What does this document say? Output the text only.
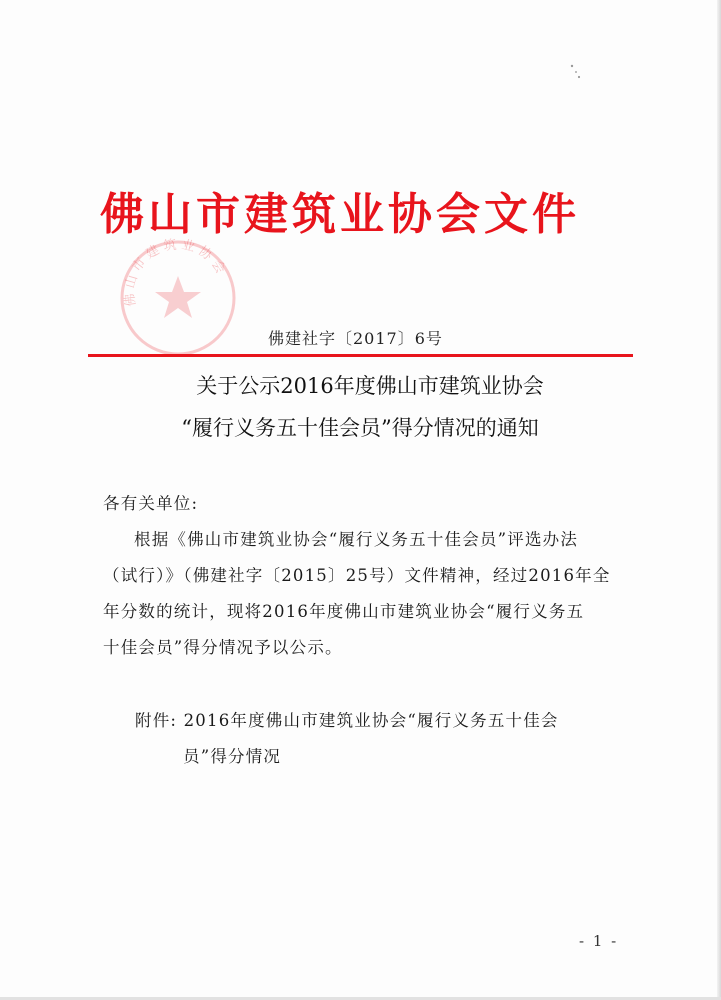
佛山市建筑业协会文件
佛山市建筑业协会
佛建社字〔2017〕6号
关于公示2016年度佛山市建筑业协会
“履行义务五十佳会员”得分情况的通知
各有关单位:
根据《佛山市建筑业协会“履行义务五十佳会员”评选办法
（试行）》（佛建社字〔2015〕25号）文件精神，经过2016年全
年分数的统计，现将2016年度佛山市建筑业协会“履行义务五
十佳会员”得分情况予以公示。
附件: 2016年度佛山市建筑业协会“履行义务五十佳会
员”得分情况
- 1 -
